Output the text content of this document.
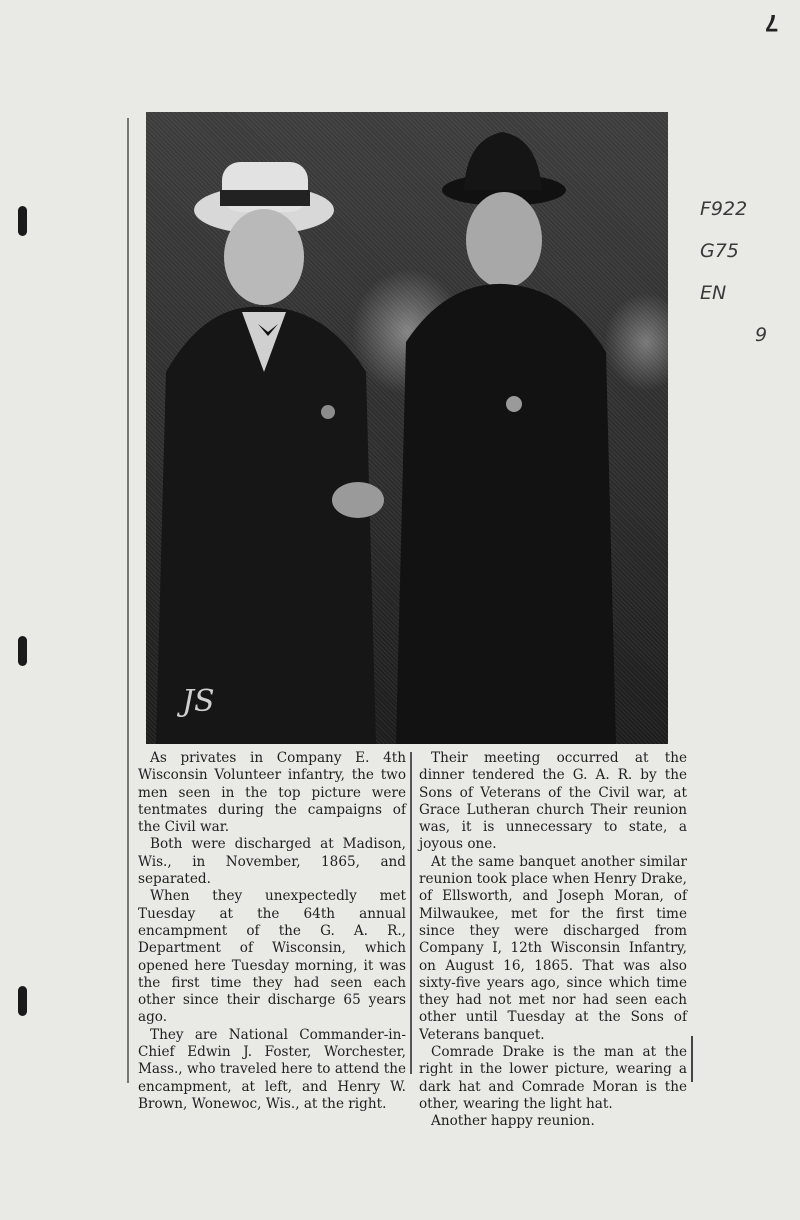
7
F922
G75
EN
9
JS

As privates in Company E. 4th Wisconsin Volunteer infantry, the two men seen in the top picture were tentmates during the campaigns of the Civil war.

Both were discharged at Madison, Wis., in November, 1865, and separated.

When they unexpectedly met Tuesday at the 64th annual encampment of the G. A. R., Department of Wisconsin, which opened here Tuesday morning, it was the first time they had seen each other since their discharge 65 years ago.

They are National Commander-in-Chief Edwin J. Foster, Worchester, Mass., who traveled here to attend the encampment, at left, and Henry W. Brown, Wonewoc, Wis., at the right.

Their meeting occurred at the dinner tendered the G. A. R. by the Sons of Veterans of the Civil war, at Grace Lutheran church Their reunion was, it is unnecessary to state, a joyous one.

At the same banquet another similar reunion took place when Henry Drake, of Ellsworth, and Joseph Moran, of Milwaukee, met for the first time since they were discharged from Company I, 12th Wisconsin Infantry, on August 16, 1865. That was also sixty-five years ago, since which time they had not met nor had seen each other until Tuesday at the Sons of Veterans banquet.

Comrade Drake is the man at the right in the lower picture, wearing a dark hat and Comrade Moran is the other, wearing the light hat.

Another happy reunion.
